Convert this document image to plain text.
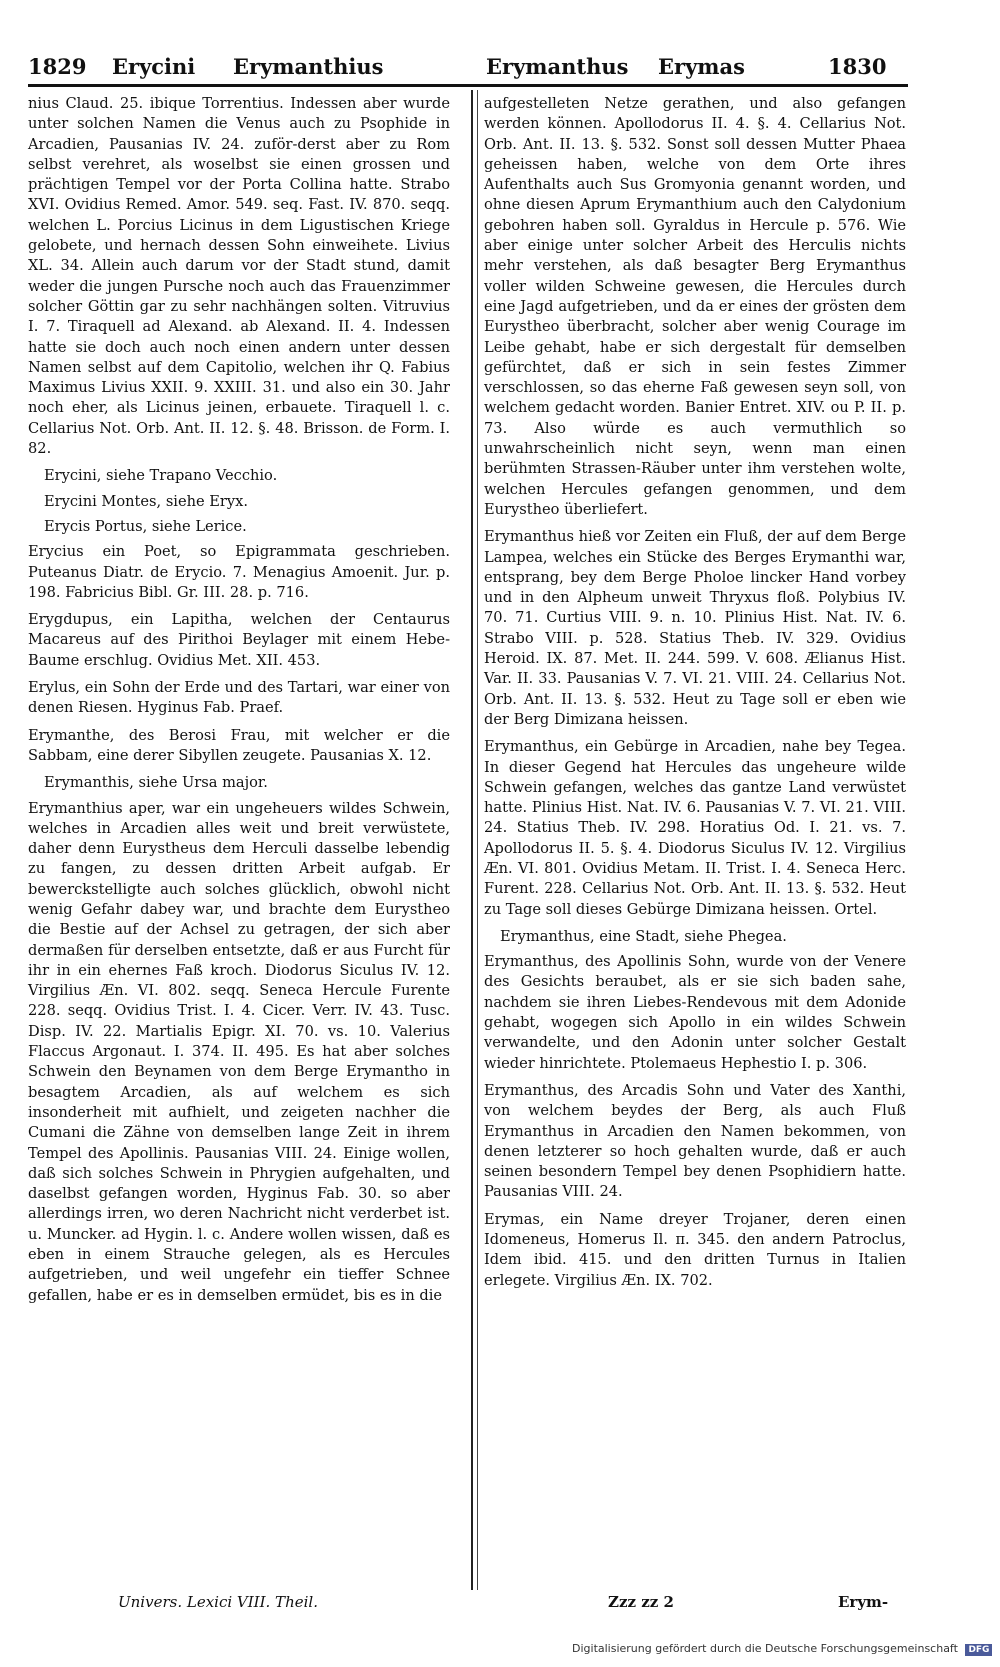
1829 Erycini Erymanthius	Erymanthus Erymas	1830

nius Claud. 25. ibique Torrentius. Indessen aber wurde unter solchen Namen die Venus auch zu Psophide in Arcadien, Pausanias IV. 24. zuför-derst aber zu Rom selbst verehret, als woselbst sie einen grossen und prächtigen Tempel vor der Porta Collina hatte. Strabo XVI. Ovidius Remed. Amor. 549. seq. Fast. IV. 870. seqq. welchen L. Porcius Licinus in dem Ligustischen Kriege gelobete, und hernach dessen Sohn einweihete. Livius XL. 34. Allein auch darum vor der Stadt stund, damit weder die jungen Pursche noch auch das Frauenzimmer solcher Göttin gar zu sehr nachhängen solten. Vitruvius I. 7. Tiraquell ad Alexand. ab Alexand. II. 4. Indessen hatte sie doch auch noch einen andern unter dessen Namen selbst auf dem Capitolio, welchen ihr Q. Fabius Maximus Livius XXII. 9. XXIII. 31. und also ein 30. Jahr noch eher, als Licinus jeinen, erbauete. Tiraquell l. c. Cellarius Not. Orb. Ant. II. 12. §. 48. Brisson. de Form. I. 82.

Erycini, siehe Trapano Vecchio.

Erycini Montes, siehe Eryx.

Erycis Portus, siehe Lerice.

Erycius ein Poet, so Epigrammata geschrieben. Puteanus Diatr. de Erycio. 7. Menagius Amoenit. Jur. p. 198. Fabricius Bibl. Gr. III. 28. p. 716.

Erygdupus, ein Lapitha, welchen der Centaurus Macareus auf des Pirithoi Beylager mit einem Hebe-Baume erschlug. Ovidius Met. XII. 453.

Erylus, ein Sohn der Erde und des Tartari, war einer von denen Riesen. Hyginus Fab. Praef.

Erymanthe, des Berosi Frau, mit welcher er die Sabbam, eine derer Sibyllen zeugete. Pausanias X. 12.

Erymanthis, siehe Ursa major.

Erymanthius aper, war ein ungeheuers wildes Schwein, welches in Arcadien alles weit und breit verwüstete, daher denn Eurystheus dem Herculi dasselbe lebendig zu fangen, zu dessen dritten Arbeit aufgab. Er bewerckstelligte auch solches glücklich, obwohl nicht wenig Gefahr dabey war, und brachte dem Eurystheo die Bestie auf der Achsel zu getragen, der sich aber dermaßen für derselben entsetzte, daß er aus Furcht für ihr in ein ehernes Faß kroch. Diodorus Siculus IV. 12. Virgilius Æn. VI. 802. seqq. Seneca Hercule Furente 228. seqq. Ovidius Trist. I. 4. Cicer. Verr. IV. 43. Tusc. Disp. IV. 22. Martialis Epigr. XI. 70. vs. 10. Valerius Flaccus Argonaut. I. 374. II. 495. Es hat aber solches Schwein den Beynamen von dem Berge Erymantho in besagtem Arcadien, als auf welchem es sich insonderheit mit aufhielt, und zeigeten nachher die Cumani die Zähne von demselben lange Zeit in ihrem Tempel des Apollinis. Pausanias VIII. 24. Einige wollen, daß sich solches Schwein in Phrygien aufgehalten, und daselbst gefangen worden, Hyginus Fab. 30. so aber allerdings irren, wo deren Nachricht nicht verderbet ist. u. Muncker. ad Hygin. l. c. Andere wollen wissen, daß es eben in einem Strauche gelegen, als es Hercules aufgetrieben, und weil ungefehr ein tieffer Schnee gefallen, habe er es in demselben ermüdet, bis es in die

aufgestelleten Netze gerathen, und also gefangen werden können. Apollodorus II. 4. §. 4. Cellarius Not. Orb. Ant. II. 13. §. 532. Sonst soll dessen Mutter Phaea geheissen haben, welche von dem Orte ihres Aufenthalts auch Sus Gromyonia genannt worden, und ohne diesen Aprum Erymanthium auch den Calydonium gebohren haben soll. Gyraldus in Hercule p. 576. Wie aber einige unter solcher Arbeit des Herculis nichts mehr verstehen, als daß besagter Berg Erymanthus voller wilden Schweine gewesen, die Hercules durch eine Jagd aufgetrieben, und da er eines der grösten dem Eurystheo überbracht, solcher aber wenig Courage im Leibe gehabt, habe er sich dergestalt für demselben gefürchtet, daß er sich in sein festes Zimmer verschlossen, so das eherne Faß gewesen seyn soll, von welchem gedacht worden. Banier Entret. XIV. ou P. II. p. 73. Also würde es auch vermuthlich so unwahrscheinlich nicht seyn, wenn man einen berühmten Strassen-Räuber unter ihm verstehen wolte, welchen Hercules gefangen genommen, und dem Eurystheo überliefert.

Erymanthus hieß vor Zeiten ein Fluß, der auf dem Berge Lampea, welches ein Stücke des Berges Erymanthi war, entsprang, bey dem Berge Pholoe lincker Hand vorbey und in den Alpheum unweit Thryxus floß. Polybius IV. 70. 71. Curtius VIII. 9. n. 10. Plinius Hist. Nat. IV. 6. Strabo VIII. p. 528. Statius Theb. IV. 329. Ovidius Heroid. IX. 87. Met. II. 244. 599. V. 608. Ælianus Hist. Var. II. 33. Pausanias V. 7. VI. 21. VIII. 24. Cellarius Not. Orb. Ant. II. 13. §. 532. Heut zu Tage soll er eben wie der Berg Dimizana heissen.

Erymanthus, ein Gebürge in Arcadien, nahe bey Tegea. In dieser Gegend hat Hercules das ungeheure wilde Schwein gefangen, welches das gantze Land verwüstet hatte. Plinius Hist. Nat. IV. 6. Pausanias V. 7. VI. 21. VIII. 24. Statius Theb. IV. 298. Horatius Od. I. 21. vs. 7. Apollodorus II. 5. §. 4. Diodorus Siculus IV. 12. Virgilius Æn. VI. 801. Ovidius Metam. II. Trist. I. 4. Seneca Herc. Furent. 228. Cellarius Not. Orb. Ant. II. 13. §. 532. Heut zu Tage soll dieses Gebürge Dimizana heissen. Ortel.

Erymanthus, eine Stadt, siehe Phegea.

Erymanthus, des Apollinis Sohn, wurde von der Venere des Gesichts beraubet, als er sie sich baden sahe, nachdem sie ihren Liebes-Rendevous mit dem Adonide gehabt, wogegen sich Apollo in ein wildes Schwein verwandelte, und den Adonin unter solcher Gestalt wieder hinrichtete. Ptolemaeus Hephestio I. p. 306.

Erymanthus, des Arcadis Sohn und Vater des Xanthi, von welchem beydes der Berg, als auch Fluß Erymanthus in Arcadien den Namen bekommen, von denen letzterer so hoch gehalten wurde, daß er auch seinen besondern Tempel bey denen Psophidiern hatte. Pausanias VIII. 24.

Erymas, ein Name dreyer Trojaner, deren einen Idomeneus, Homerus Il. π. 345. den andern Patroclus, Idem ibid. 415. und den dritten Turnus in Italien erlegete. Virgilius Æn. IX. 702.

Univers. Lexici VIII. Theil.	Zzz zz 2	Erym-
Digitalisierung gefördert durch die Deutsche Forschungsgemeinschaft DFG
